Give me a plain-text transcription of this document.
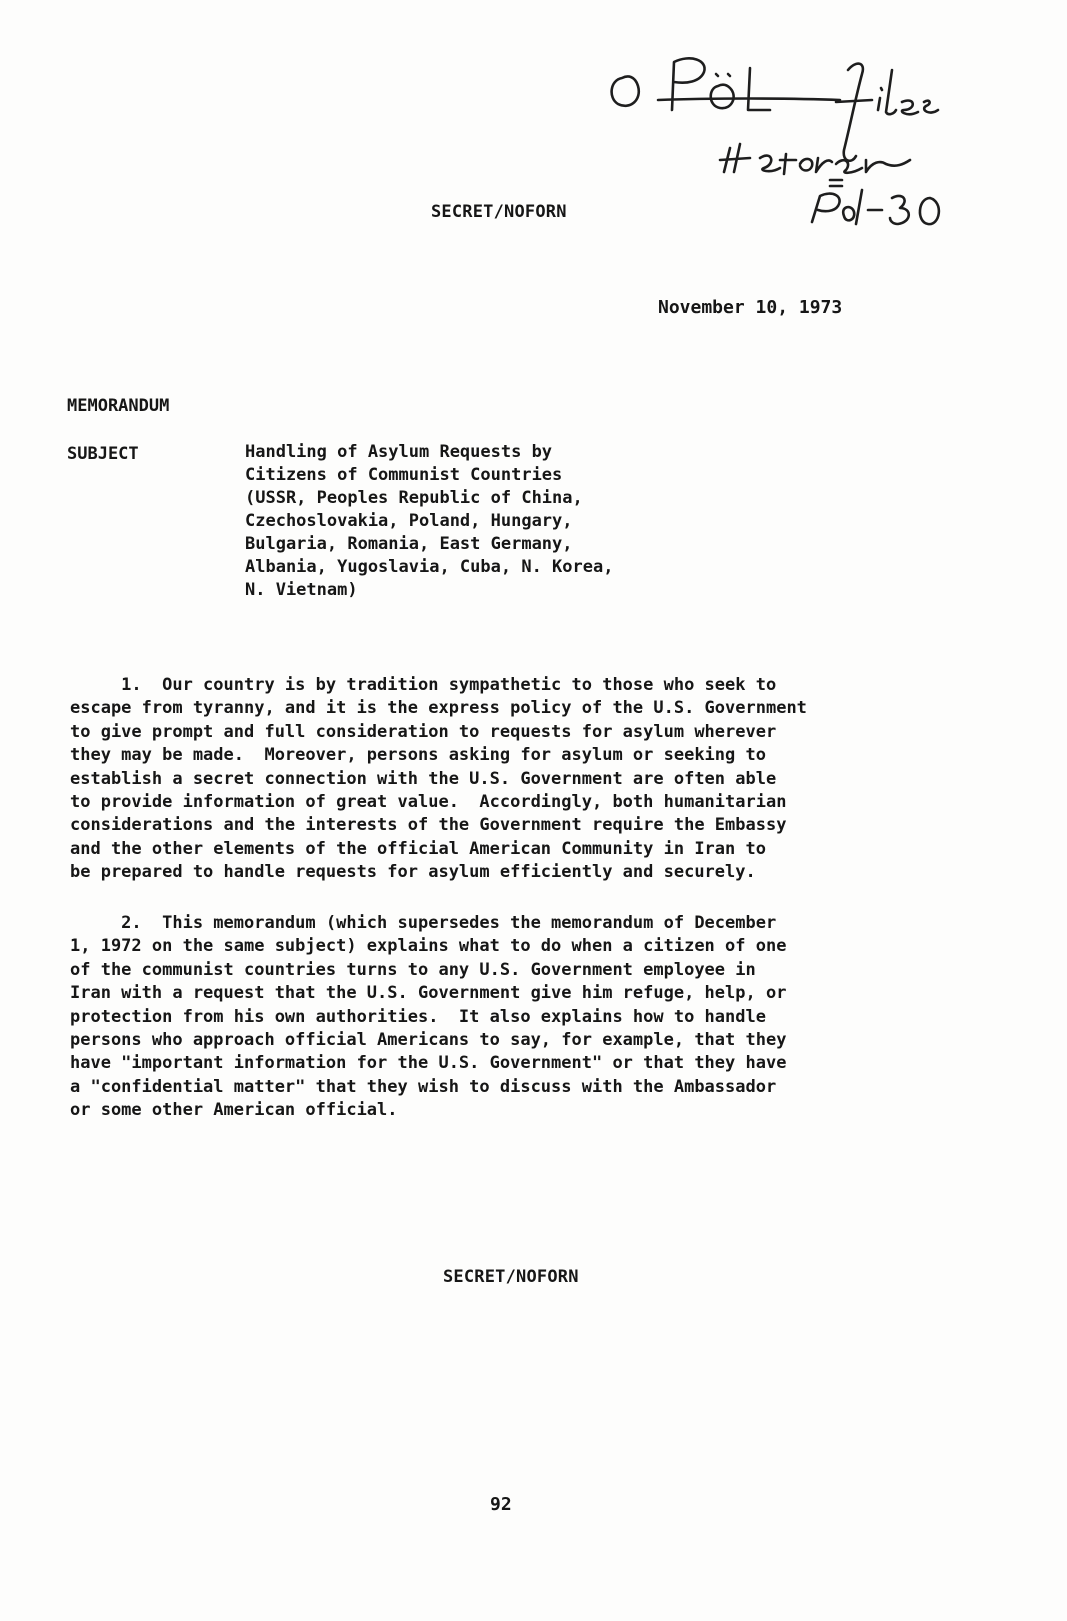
SECRET/NOFORN
November 10, 1973
MEMORANDUM
SUBJECT	Handling of Asylum Requests by
Citizens of Communist Countries
(USSR, Peoples Republic of China,
Czechoslovakia, Poland, Hungary,
Bulgaria, Romania, East Germany,
Albania, Yugoslavia, Cuba, N. Korea,
N. Vietnam)
1.  Our country is by tradition sympathetic to those who seek to
escape from tyranny, and it is the express policy of the U.S. Government
to give prompt and full consideration to requests for asylum wherever
they may be made.  Moreover, persons asking for asylum or seeking to
establish a secret connection with the U.S. Government are often able
to provide information of great value.  Accordingly, both humanitarian
considerations and the interests of the Government require the Embassy
and the other elements of the official American Community in Iran to
be prepared to handle requests for asylum efficiently and securely.
2.  This memorandum (which supersedes the memorandum of December
1, 1972 on the same subject) explains what to do when a citizen of one
of the communist countries turns to any U.S. Government employee in
Iran with a request that the U.S. Government give him refuge, help, or
protection from his own authorities.  It also explains how to handle
persons who approach official Americans to say, for example, that they
have "important information for the U.S. Government" or that they have
a "confidential matter" that they wish to discuss with the Ambassador
or some other American official.
SECRET/NOFORN
92
